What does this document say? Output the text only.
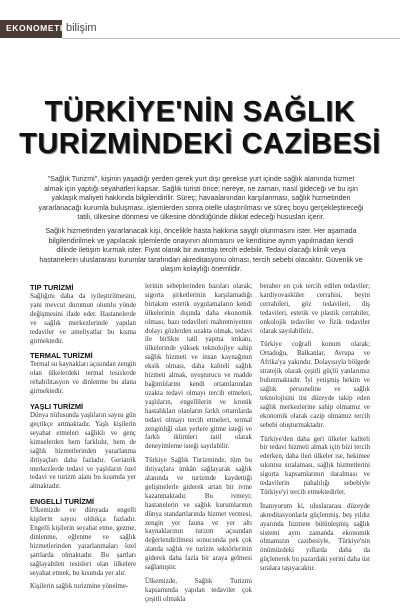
EKONOMETRİ
bilişim
TÜRKİYE'NİN SAĞLIK
TURİZMİNDEKİ CAZİBESİ

"Sağlık Turizmi", kişinin yaşadığı yerden gerek yurt dışı gerekse yurt içinde sağlık alanında hizmet almak için yaptığı seyahatleri kapsar. Sağlık turisti önce; nereye, ne zaman, nasıl gideceği ve bu işin yaklaşık maliyeti hakkında bilgilendirilir. Süreç; havaalanından karşılanması, sağlık hizmetinden yararlanacağı kurumla buluşması, işlemlerden sonra otelle ulaştırılması ve süreç boyu gerçekleştireceği tatili, ülkesine dönmesi ve ülkesine döndüğünde dikkat edeceği hususları içerir.

Sağlık hizmetinden yararlanacak kişi, öncelikle hasta hakkına sayglı olunmasını ister. Her aşamada bilgilendirilmek ve yapılacak işlemlerde onayının alınmasını ve kendisine ayrım yapılmadan kendi dilinde iletişim kurmak ister. Fiyat olarak bir avantajı tercih edebilir. Tedavi olacağı klinik veya hastanelerin uluslararası kurumlar tarafından akreditasyonu olması, tercih sebebi olacaktır. Güvenlik ve ulaşım kolaylığı önemlidir.

TIP TURİZMİ

Sağlığını daha da iyileştirilmesini, yani mevcut durumun olumlu yönde değişmesini ifade eder. Hastanelerde ve sağlık merkezlerinde yapılan tedaviler ve ameliyatlar bu kısma girmektedir.

TERMAL TURİZMİ

Termal su kaynakları açısından zengin olan ülkelerdeki termal tesislerde rehabilitasyon ve dinlenme bu alana girmektedir.

YAŞLI TURİZMİ

Dünya nüfusunda yaşlıların sayısı gün geçtikçe artmaktadır. Yaşlı kişilerin seyahat etmeleri sağlıklı ve genç kimselerden hem farklıdır, hem de sağlık hizmetlerinden yararlanma ihtiyaçları daha fazladır. Geriatrik merkezlerde tedavi ve yaşlıların özel tedavi ve turizm alanı bu kısımda yer almaktadır.

ENGELLİ TURİZMİ

Ülkemizde ve dünyada engelli kişilerin sayısı oldukça fazladır. Engelli kişilerin seyahat etme, gezme, dinlenme, eğlenme ve sağlık hizmetlerinden yararlanmaları özel şartlarda olmaktadır. Bu şartları sağlayabilen tesisleri olan ülkelere seyahat etmek, bu kısımda yer alır.

Kişilerin sağlık turizmine yönelme-

lerinin sebeplerinden bazıları olarak; sigorta şirketlerinin karşılamadığı birtakım estetik uygulamaların kendi ülkelerinin dışında daha ekonomik olması, bazı tedavileri mahremiyetten dolayı gözlerden uzakta olmak, tedavi ile birlikte tatil yapma imkanı, ülkelerinde yüksek teknolojiye sahip sağlık hizmeti ve insan kaynağının eksik olması, daha kaliteli sağlık hizmeti almak, uyuşturucu ve madde bağımlılarını kendi ortamlarından uzakta tedavi olmayı tercih etmeleri, yaşlıların, engellilerin ve kronik hastalıkları olanların farklı ortamlarda tedavi olmayı tercih etmeleri, termal zenginliği olan yerlere gitme isteği ve farklı iklimleri tatil olarak deneyimleme isteği sayılabilir.

Türkiye Sağlık Turizminde, tüm bu ihtiyaçlara imkân sağlayarak sağlık alanında ve turizmde kaydettiği gelişmelerle giderek artan bir ivme kazanmaktadır. Bu ivmeyi; hastanelerin ve sağlık kurumlarının dünya standartlarında hizmet vermesi, zengin yer fauna ve yer altı kaynaklarının turizm açısından değerlendirilmesi sonucunda pek çok alanda sağlık ve turizm sektörlerinin giderek daha fazla bir araya gelmesi sağlamıştır.

Ülkemizde, Sağlık Turizmi kapsamında yapılan tedaviler çok çeşitli olmakla

beraber en çok tercih edilen tedaviler; kardiyovasküler cerrahisi, beyin cerrahileri, göz tedavileri, diş tedavileri, estetik ve plastik cerrahiler, onkolojik tedaviler ve fizik tedaviler olarak sayılabiliriz.

Türkiye coğrafi konum olarak; Ortadoğu, Balkanlar, Avrupa ve Afrika'ya yakındır. Dolayısıyla bölgede stratejik olarak çeşitli güçlü yanlarımız bulunmaktadır. İyi yetişmiş hekim ve sağlık personeline ve sağlık teknolojisini üst düzeyde takip eden sağlık merkezlerine sahip olmamız ve ekonomik olarak cazip olmamız tercih sebebi oluşturmaktadır.

Türkiye'den daha geri ülkeler kaliteli bir tedavi hizmeti almak için bizi tercih ederken, daha ileri ülkeler ise, hekimee sıkıntısı sıralaması, sağlık hizmetlerini sigorta kapsamlarının daralması ve tedavilerin pahalılığı sebebiyle Türkiye'yi tercih etmektedirler.

İnanıyorum ki, uluslararası düzeyde akreditasyonlarla güçlenmiş, beş yıldız ayarında hizmete bütünleşmiş sağlık sistemi aynı zamanda ekonomik olmamızın cazibesiyle, Türkiye'nin önümüzdeki yıllarda daha da güçlenerek bu pazardaki yerini daha üst sıralara taşıyacaktır.
